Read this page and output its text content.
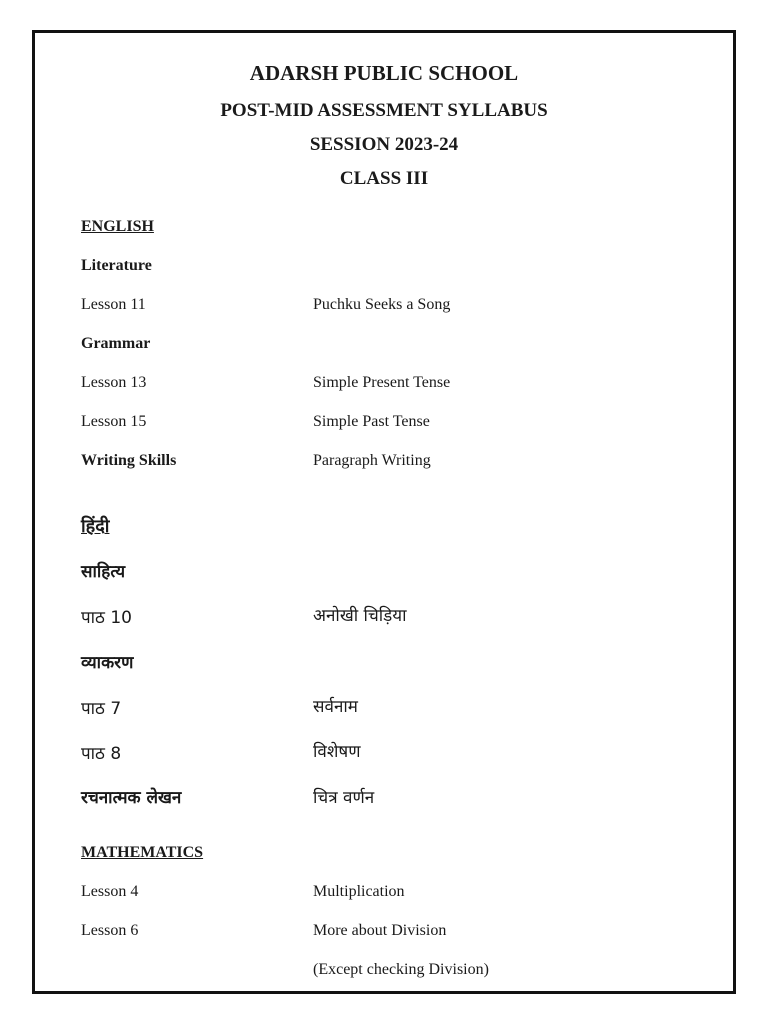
ADARSH PUBLIC SCHOOL
POST-MID ASSESSMENT SYLLABUS
SESSION 2023-24
CLASS III
ENGLISH
Literature
Lesson 11	Puchku Seeks a Song
Grammar
Lesson 13	Simple Present Tense
Lesson 15	Simple Past Tense
Writing Skills	Paragraph Writing
हिंदी
साहित्य
पाठ 10	अनोखी चिड़िया
व्याकरण
पाठ 7	सर्वनाम
पाठ 8	विशेषण
रचनात्मक लेखन	चित्र वर्णन
MATHEMATICS
Lesson 4	Multiplication
Lesson 6	More about Division
(Except checking Division)
